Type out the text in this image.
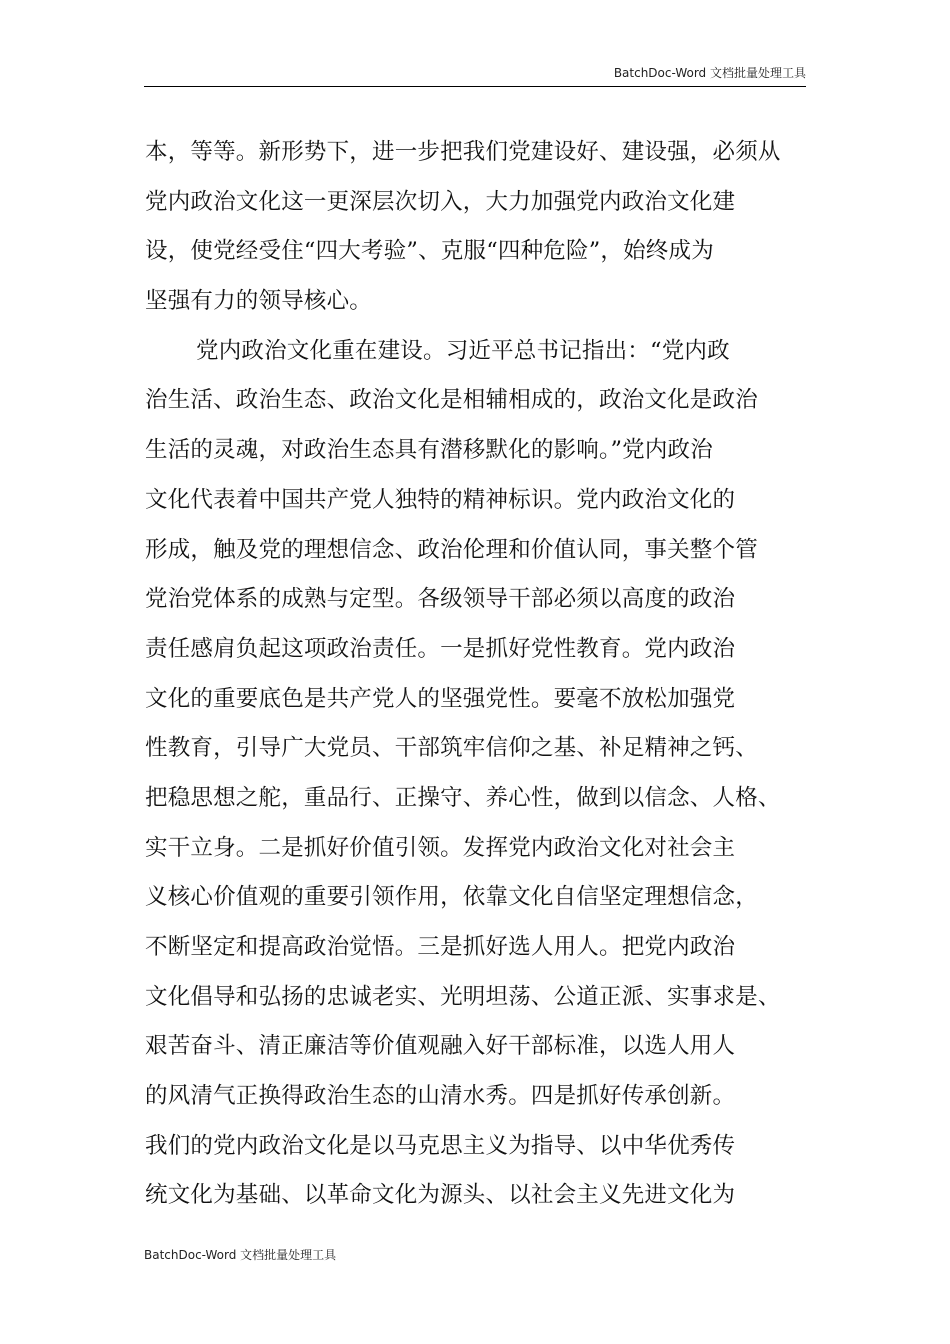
BatchDoc-Word 文档批量处理工具
本，等等。新形势下，进一步把我们党建设好、建设强，必须从
党内政治文化这一更深层次切入，大力加强党内政治文化建
设，使党经受住“四大考验”、克服“四种危险”，始终成为
坚强有力的领导核心。
党内政治文化重在建设。习近平总书记指出：“党内政
治生活、政治生态、政治文化是相辅相成的，政治文化是政治
生活的灵魂，对政治生态具有潜移默化的影响。”党内政治
文化代表着中国共产党人独特的精神标识。党内政治文化的
形成，触及党的理想信念、政治伦理和价值认同，事关整个管
党治党体系的成熟与定型。各级领导干部必须以高度的政治
责任感肩负起这项政治责任。一是抓好党性教育。党内政治
文化的重要底色是共产党人的坚强党性。要毫不放松加强党
性教育，引导广大党员、干部筑牢信仰之基、补足精神之钙、
把稳思想之舵，重品行、正操守、养心性，做到以信念、人格、
实干立身。二是抓好价值引领。发挥党内政治文化对社会主
义核心价值观的重要引领作用，依靠文化自信坚定理想信念，
不断坚定和提高政治觉悟。三是抓好选人用人。把党内政治
文化倡导和弘扬的忠诚老实、光明坦荡、公道正派、实事求是、
艰苦奋斗、清正廉洁等价值观融入好干部标准，以选人用人
的风清气正换得政治生态的山清水秀。四是抓好传承创新。
我们的党内政治文化是以马克思主义为指导、以中华优秀传
统文化为基础、以革命文化为源头、以社会主义先进文化为
BatchDoc-Word 文档批量处理工具
